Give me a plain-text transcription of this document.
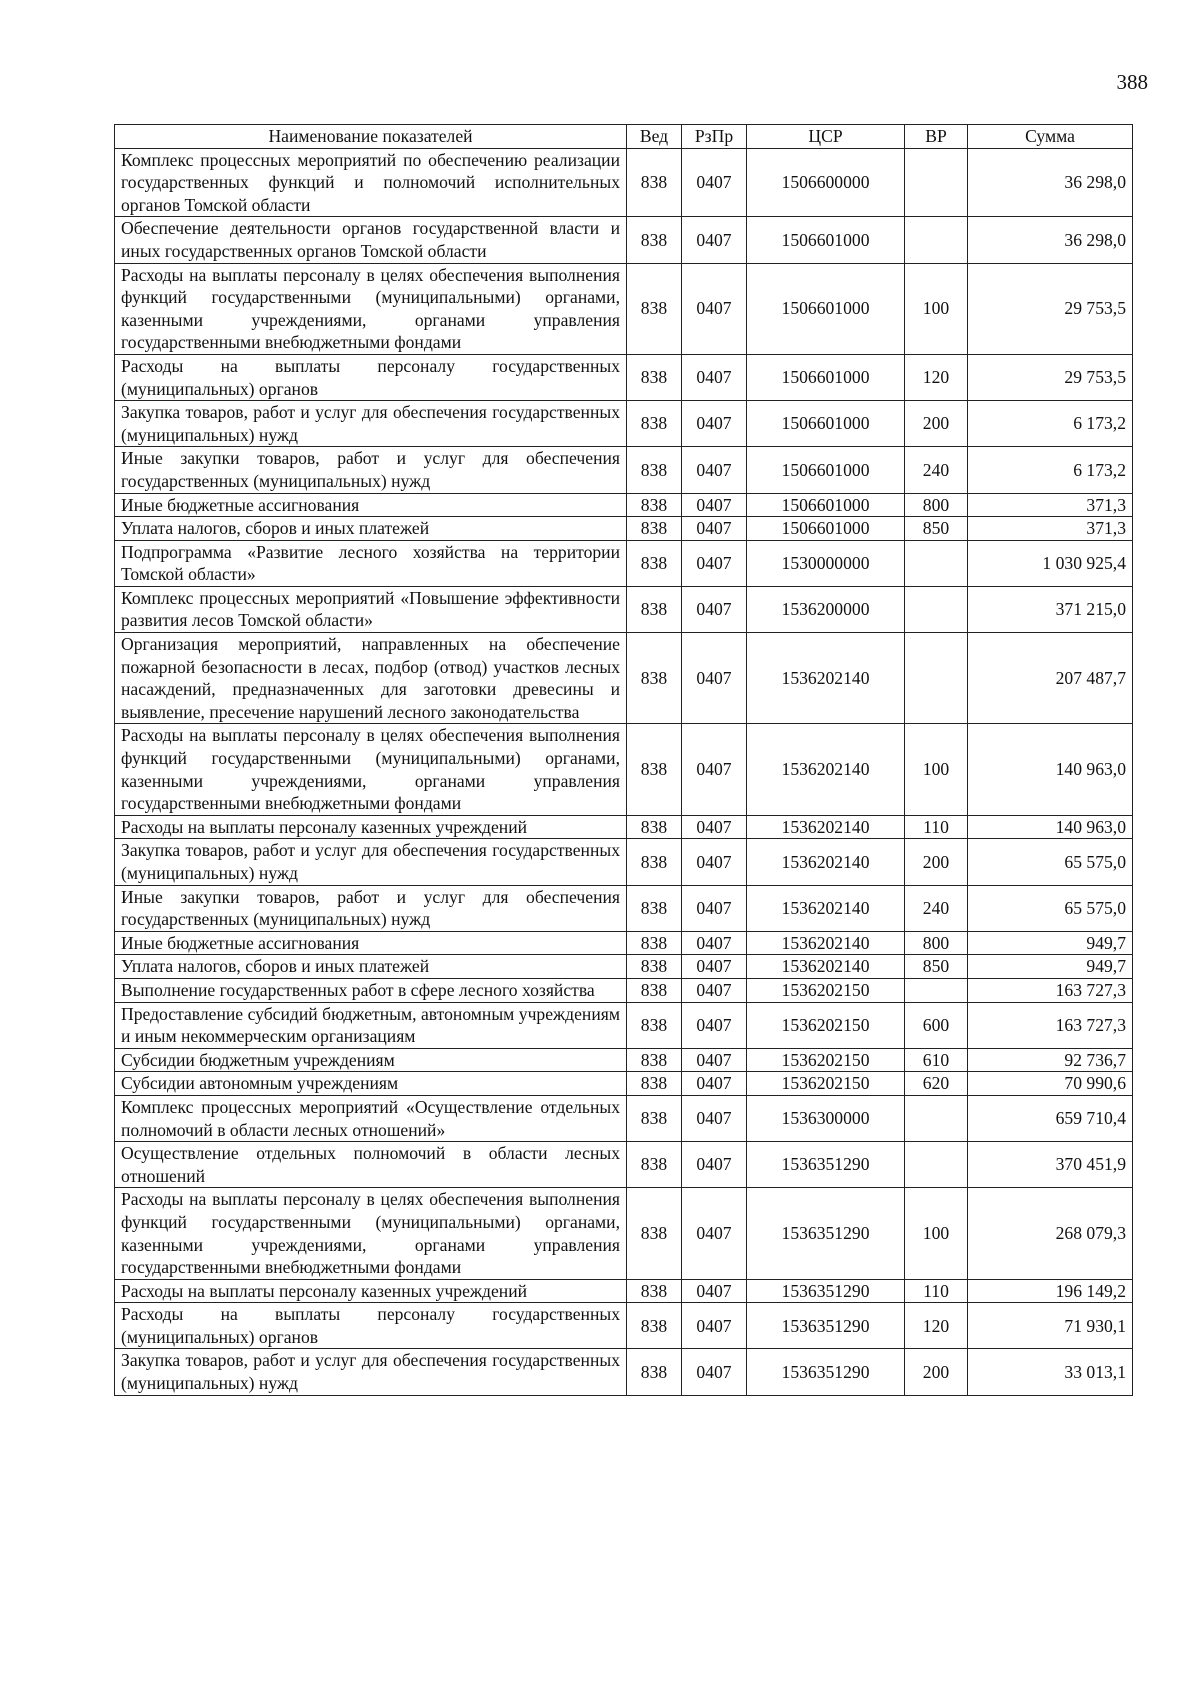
388
Наименование показателей	Вед	РзПр	ЦСР	ВР	Сумма
Комплекс процессных мероприятий по обеспечению реализации государственных функций и полномочий исполнительных органов Томской области	838	0407	1506600000		36 298,0
Обеспечение деятельности органов государственной власти и иных государственных органов Томской области	838	0407	1506601000		36 298,0
Расходы на выплаты персоналу в целях обеспечения выполнения функций государственными (муниципальными) органами, казенными учреждениями, органами управления государственными внебюджетными фондами	838	0407	1506601000	100	29 753,5
Расходы на выплаты персоналу государственных (муниципальных) органов	838	0407	1506601000	120	29 753,5
Закупка товаров, работ и услуг для обеспечения государственных (муниципальных) нужд	838	0407	1506601000	200	6 173,2
Иные закупки товаров, работ и услуг для обеспечения государственных (муниципальных) нужд	838	0407	1506601000	240	6 173,2
Иные бюджетные ассигнования	838	0407	1506601000	800	371,3
Уплата налогов, сборов и иных платежей	838	0407	1506601000	850	371,3
Подпрограмма «Развитие лесного хозяйства на территории Томской области»	838	0407	1530000000		1 030 925,4
Комплекс процессных мероприятий «Повышение эффективности развития лесов Томской области»	838	0407	1536200000		371 215,0
Организация мероприятий, направленных на обеспечение пожарной безопасности в лесах, подбор (отвод) участков лесных насаждений, предназначенных для заготовки древесины и выявление, пресечение нарушений лесного законодательства	838	0407	1536202140		207 487,7
Расходы на выплаты персоналу в целях обеспечения выполнения функций государственными (муниципальными) органами, казенными учреждениями, органами управления государственными внебюджетными фондами	838	0407	1536202140	100	140 963,0
Расходы на выплаты персоналу казенных учреждений	838	0407	1536202140	110	140 963,0
Закупка товаров, работ и услуг для обеспечения государственных (муниципальных) нужд	838	0407	1536202140	200	65 575,0
Иные закупки товаров, работ и услуг для обеспечения государственных (муниципальных) нужд	838	0407	1536202140	240	65 575,0
Иные бюджетные ассигнования	838	0407	1536202140	800	949,7
Уплата налогов, сборов и иных платежей	838	0407	1536202140	850	949,7
Выполнение государственных работ в сфере лесного хозяйства	838	0407	1536202150		163 727,3
Предоставление субсидий бюджетным, автономным учреждениям и иным некоммерческим организациям	838	0407	1536202150	600	163 727,3
Субсидии бюджетным учреждениям	838	0407	1536202150	610	92 736,7
Субсидии автономным учреждениям	838	0407	1536202150	620	70 990,6
Комплекс процессных мероприятий «Осуществление отдельных полномочий в области лесных отношений»	838	0407	1536300000		659 710,4
Осуществление отдельных полномочий в области лесных отношений	838	0407	1536351290		370 451,9
Расходы на выплаты персоналу в целях обеспечения выполнения функций государственными (муниципальными) органами, казенными учреждениями, органами управления государственными внебюджетными фондами	838	0407	1536351290	100	268 079,3
Расходы на выплаты персоналу казенных учреждений	838	0407	1536351290	110	196 149,2
Расходы на выплаты персоналу государственных (муниципальных) органов	838	0407	1536351290	120	71 930,1
Закупка товаров, работ и услуг для обеспечения государственных (муниципальных) нужд	838	0407	1536351290	200	33 013,1
